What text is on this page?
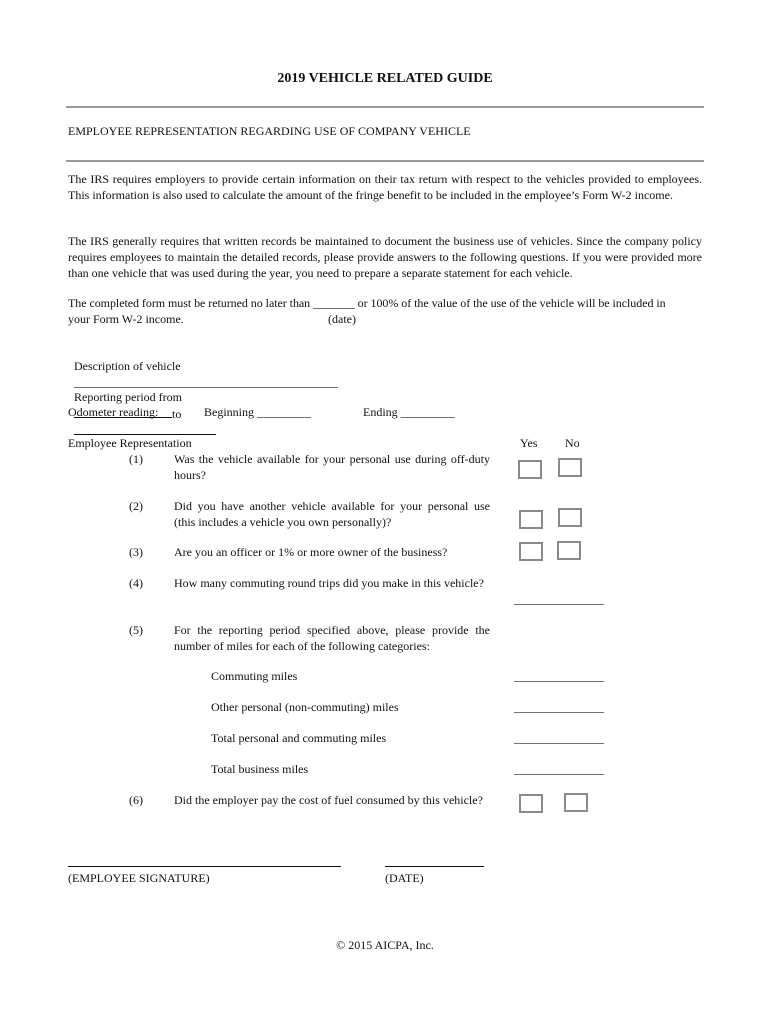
2019 VEHICLE RELATED GUIDE
EMPLOYEE REPRESENTATION REGARDING USE OF COMPANY VEHICLE
The IRS requires employers to provide certain information on their tax return with respect to the vehicles provided to employees. This information is also used to calculate the amount of the fringe benefit to be included in the employee’s Form W-2 income.
The IRS generally requires that written records be maintained to document the business use of vehicles. Since the company policy requires employees to maintain the detailed records, please provide answers to the following questions. If you were provided more than one vehicle that was used during the year, you need to prepare a separate statement for each vehicle.
The completed form must be returned no later than _______ or 100% of the value of the use of the vehicle will be included in
your Form W-2 income.	(date)

Description of vehicle
____________________________________________

Reporting period from
to

Odometer reading:	Beginning _________	Ending _________
Employee Representation	Yes No
(1)	Was the vehicle available for your personal use during off-duty hours?
(2)	Did you have another vehicle available for your personal use (this includes a vehicle you own personally)?
(3)	Are you an officer or 1% or more owner of the business?
(4)	How many commuting round trips did you make in this vehicle?
_______________
(5)	For the reporting period specified above, please provide the number of miles for each of the following categories:
Commuting miles	_______________
Other personal (non-commuting) miles	_______________
Total personal and commuting miles	_______________
Total business miles	_______________
(6)	Did the employer pay the cost of fuel consumed by this vehicle?
(EMPLOYEE SIGNATURE)	(DATE)
© 2015 AICPA, Inc.
